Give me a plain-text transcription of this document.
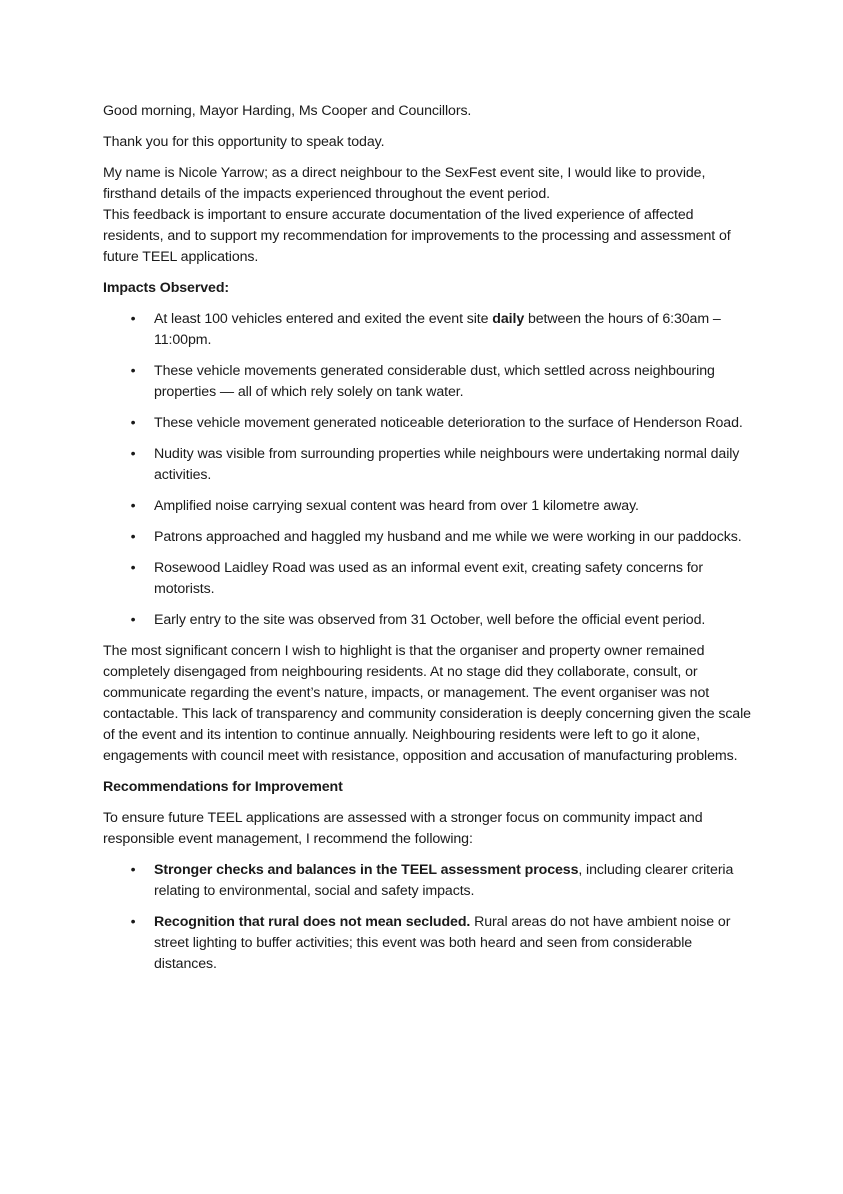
Good morning, Mayor Harding, Ms Cooper and Councillors.

Thank you for this opportunity to speak today.

My name is Nicole Yarrow; as a direct neighbour to the SexFest event site, I would like to provide, firsthand details of the impacts experienced throughout the event period.
This feedback is important to ensure accurate documentation of the lived experience of affected residents, and to support my recommendation for improvements to the processing and assessment of future TEEL applications.

Impacts Observed:
• At least 100 vehicles entered and exited the event site daily between the hours of 6:30am – 11:00pm.
• These vehicle movements generated considerable dust, which settled across neighbouring properties — all of which rely solely on tank water.
• These vehicle movement generated noticeable deterioration to the surface of Henderson Road.
• Nudity was visible from surrounding properties while neighbours were undertaking normal daily activities.
• Amplified noise carrying sexual content was heard from over 1 kilometre away.
• Patrons approached and haggled my husband and me while we were working in our paddocks.
• Rosewood Laidley Road was used as an informal event exit, creating safety concerns for motorists.
• Early entry to the site was observed from 31 October, well before the official event period.

The most significant concern I wish to highlight is that the organiser and property owner remained completely disengaged from neighbouring residents. At no stage did they collaborate, consult, or communicate regarding the event’s nature, impacts, or management. The event organiser was not contactable. This lack of transparency and community consideration is deeply concerning given the scale of the event and its intention to continue annually. Neighbouring residents were left to go it alone, engagements with council meet with resistance, opposition and accusation of manufacturing problems.

Recommendations for Improvement

To ensure future TEEL applications are assessed with a stronger focus on community impact and responsible event management, I recommend the following:

• Stronger checks and balances in the TEEL assessment process, including clearer criteria relating to environmental, social and safety impacts.
• Recognition that rural does not mean secluded. Rural areas do not have ambient noise or street lighting to buffer activities; this event was both heard and seen from considerable distances.
